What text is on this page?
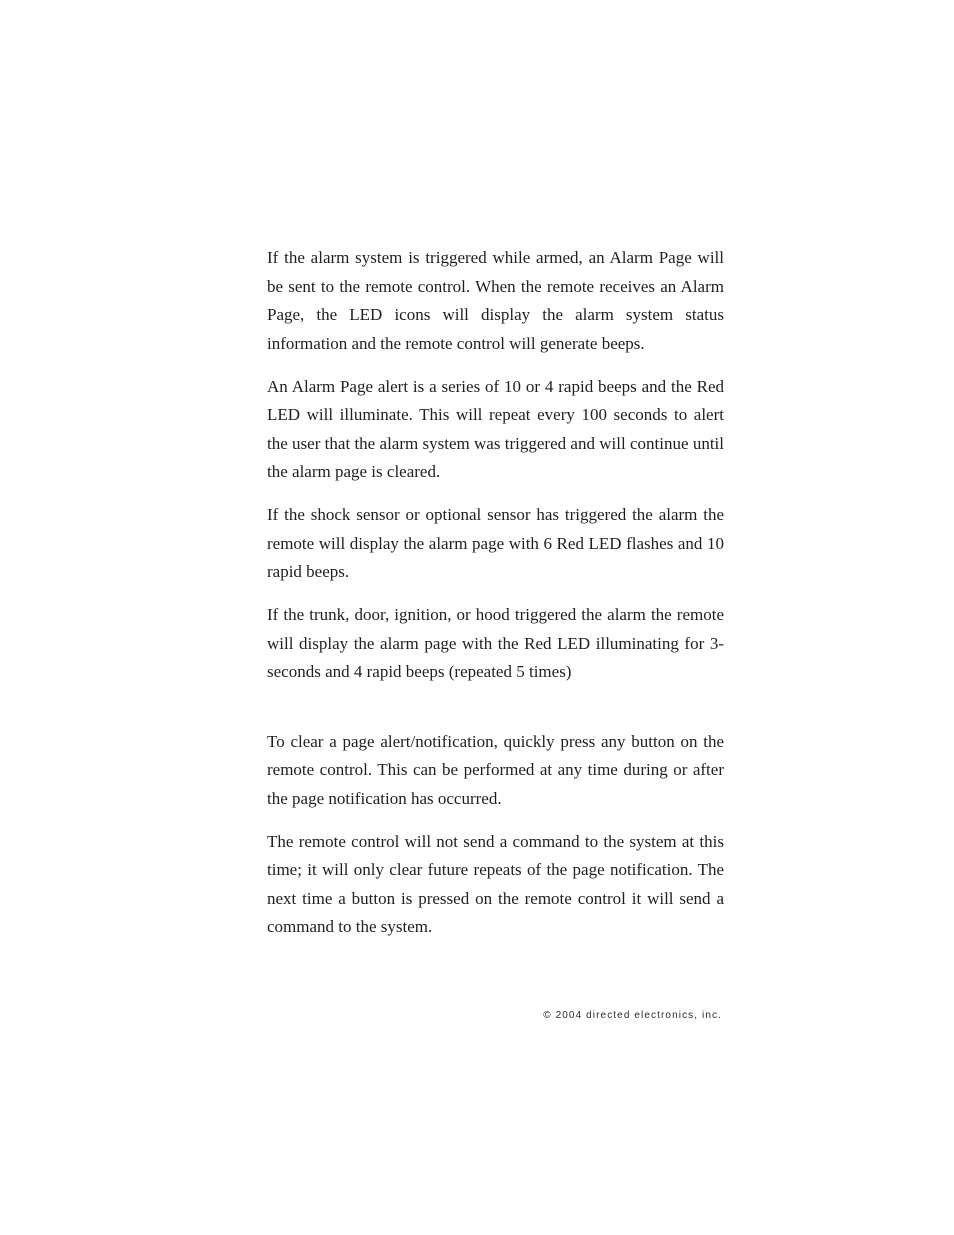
If the alarm system is triggered while armed, an Alarm Page will be sent to the remote control. When the remote receives an Alarm Page, the LED icons will display the alarm system status information and the remote control will generate beeps.

An Alarm Page alert is a series of 10 or 4 rapid beeps and the Red LED will illuminate. This will repeat every 100 seconds to alert the user that the alarm system was triggered and will continue until the alarm page is cleared.

If the shock sensor or optional sensor has triggered the alarm the remote will display the alarm page with 6 Red LED flashes and 10 rapid beeps.

If the trunk, door, ignition, or hood triggered the alarm the remote will display the alarm page with the Red LED illuminating for 3-seconds and 4 rapid beeps (repeated 5 times)

To clear a page alert/notification, quickly press any button on the remote control. This can be performed at any time during or after the page notification has occurred.

The remote control will not send a command to the system at this time; it will only clear future repeats of the page notification. The next time a button is pressed on the remote control it will send a command to the system.

© 2004 directed electronics, inc.
